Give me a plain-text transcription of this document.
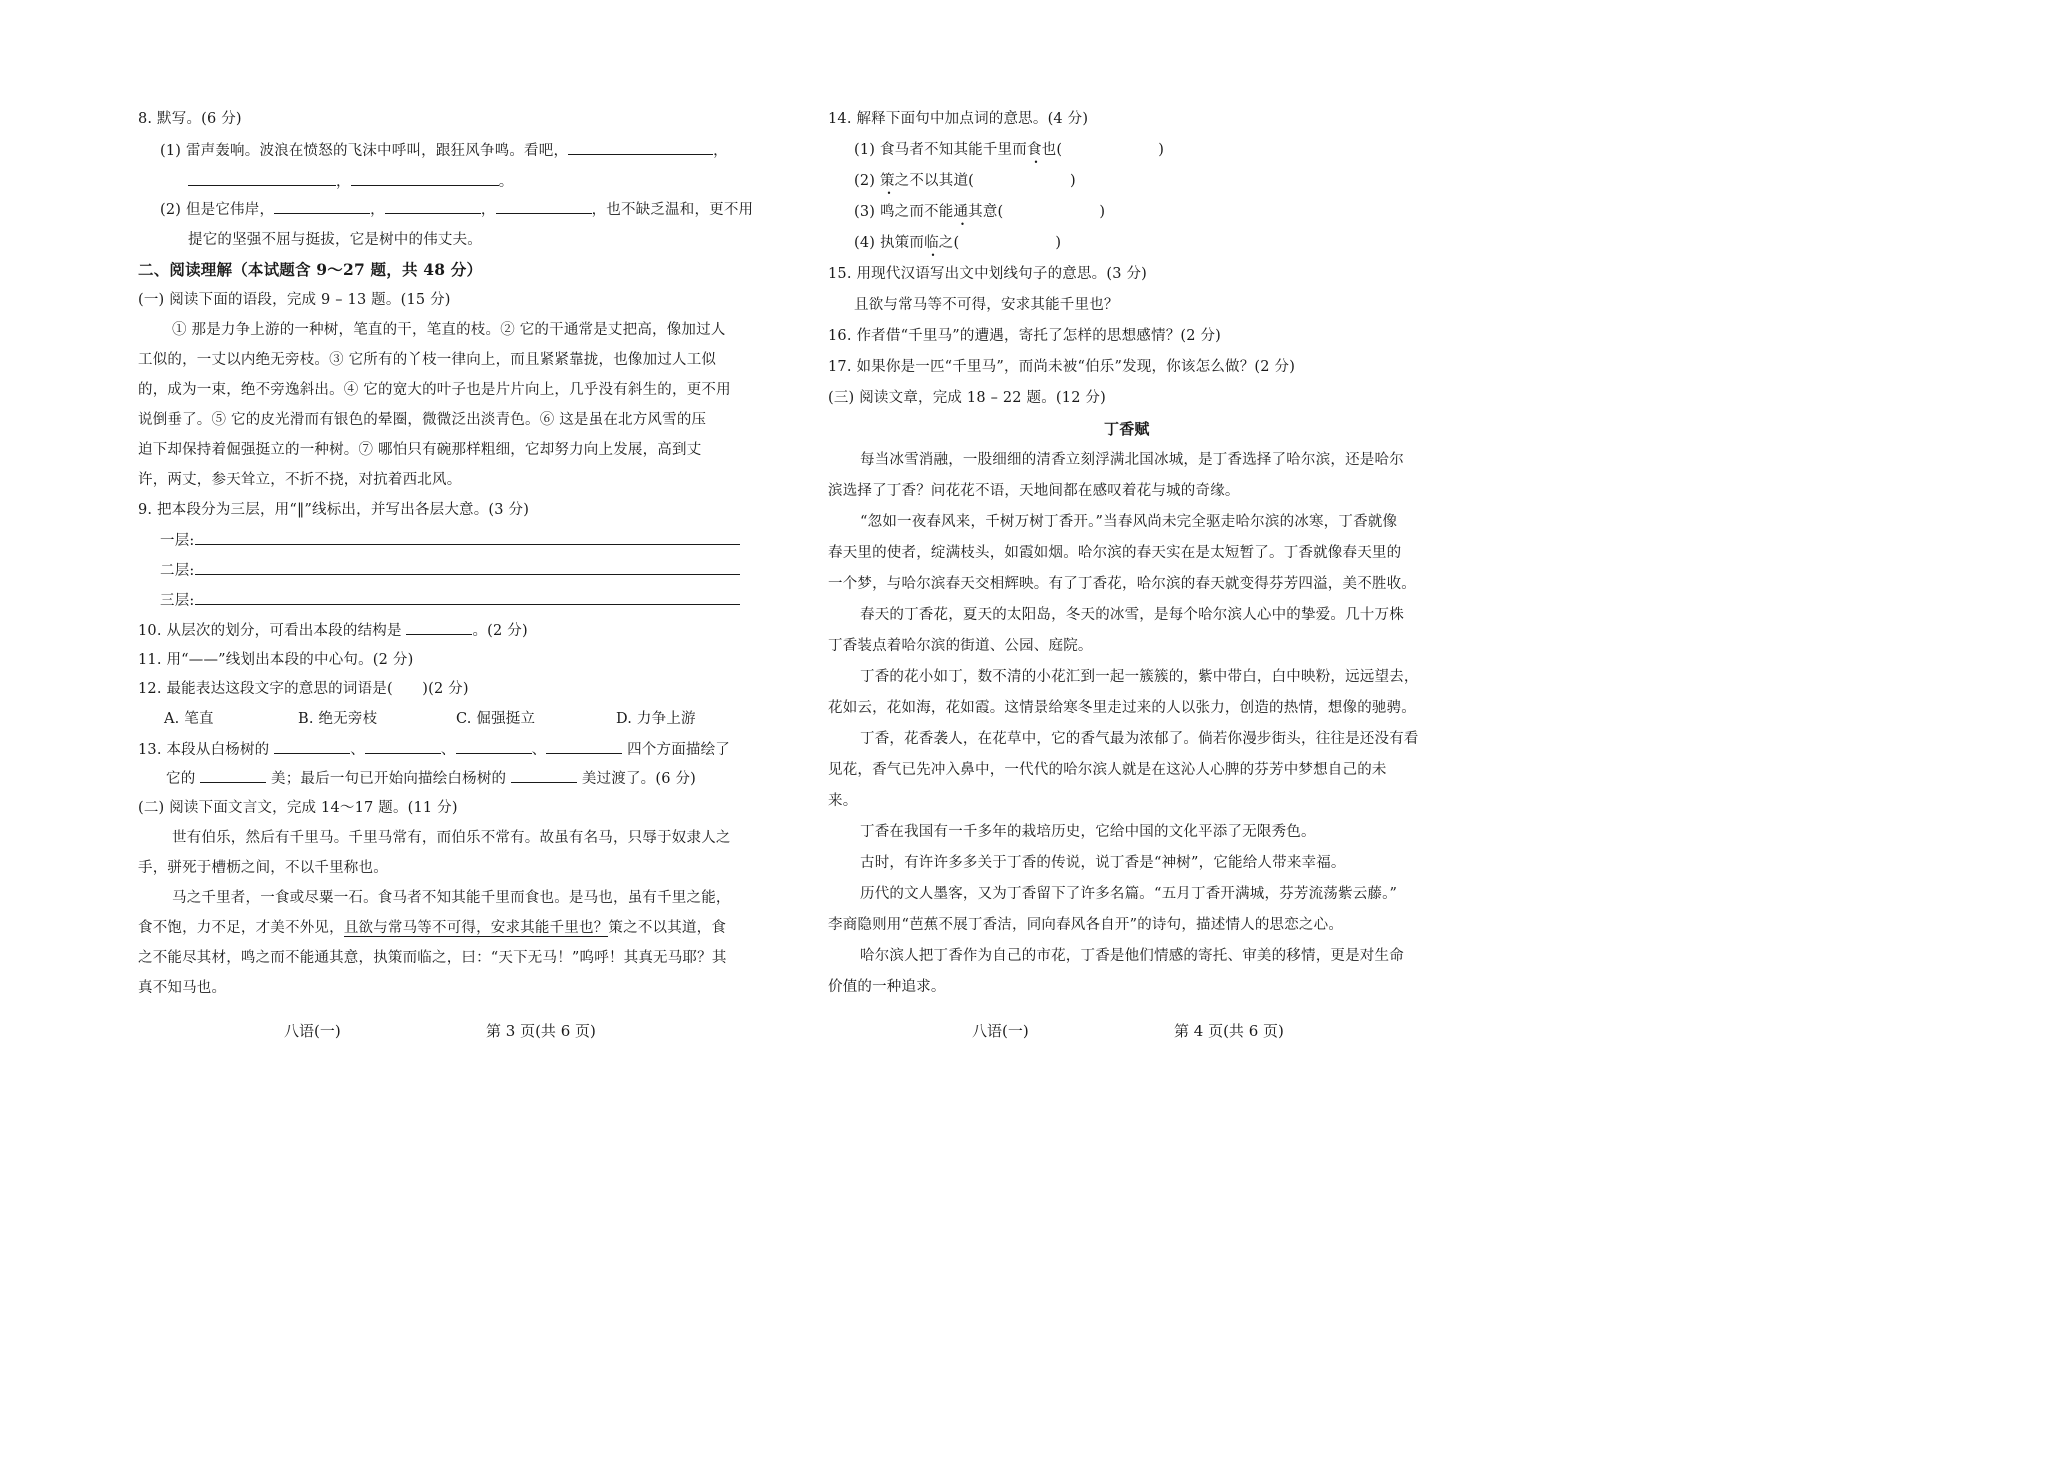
8. 默写。(6 分)
(1) 雷声轰响。波浪在愤怒的飞沫中呼叫，跟狂风争鸣。看吧，	，
，	。
(2) 但是它伟岸，	，	，	，也不缺乏温和，更不用
提它的坚强不屈与挺拔，它是树中的伟丈夫。
二、阅读理解（本试题含 9～27 题，共 48 分）
(一) 阅读下面的语段，完成 9 – 13 题。(15 分)
① 那是力争上游的一种树，笔直的干，笔直的枝。② 它的干通常是丈把高，像加过人
工似的，一丈以内绝无旁枝。③ 它所有的丫枝一律向上，而且紧紧靠拢，也像加过人工似
的，成为一束，绝不旁逸斜出。④ 它的宽大的叶子也是片片向上，几乎没有斜生的，更不用
说倒垂了。⑤ 它的皮光滑而有银色的晕圈，微微泛出淡青色。⑥ 这是虽在北方风雪的压
迫下却保持着倔强挺立的一种树。⑦ 哪怕只有碗那样粗细，它却努力向上发展，高到丈
许，两丈，参天耸立，不折不挠，对抗着西北风。
9. 把本段分为三层，用“‖”线标出，并写出各层大意。(3 分)
一层:
二层:
三层:
10. 从层次的划分，可看出本段的结构是	。(2 分)
11. 用“——”线划出本段的中心句。(2 分)
12. 最能表达这段文字的意思的词语是(　　)(2 分)
A. 笔直	B. 绝无旁枝	C. 倔强挺立	D. 力争上游
13. 本段从白杨树的	、	、	、	四个方面描绘了
它的	美；最后一句已开始向描绘白杨树的	美过渡了。(6 分)
(二) 阅读下面文言文，完成 14～17 题。(11 分)
世有伯乐，然后有千里马。千里马常有，而伯乐不常有。故虽有名马，只辱于奴隶人之
手，骈死于槽枥之间，不以千里称也。
马之千里者，一食或尽粟一石。食马者不知其能千里而食也。是马也，虽有千里之能，
食不饱，力不足，才美不外见，且欲与常马等不可得，安求其能千里也？策之不以其道，食
之不能尽其材，鸣之而不能通其意，执策而临之，曰：“天下无马！”呜呼！其真无马耶？其
真不知马也。
八语(一)	第 3 页(共 6 页)
14. 解释下面句中加点词的意思。(4 分)
(1) 食马者不知其能千里而食也(	)
(2) 策之不以其道(	)
(3) 鸣之而不能通其意(	)
(4) 执策而临之(	)
15. 用现代汉语写出文中划线句子的意思。(3 分)
且欲与常马等不可得，安求其能千里也？
16. 作者借“千里马”的遭遇，寄托了怎样的思想感情？(2 分)
17. 如果你是一匹“千里马”，而尚未被“伯乐”发现，你该怎么做？(2 分)
(三) 阅读文章，完成 18 – 22 题。(12 分)
丁香赋
每当冰雪消融，一股细细的清香立刻浮满北国冰城，是丁香选择了哈尔滨，还是哈尔
滨选择了丁香？问花花不语，天地间都在感叹着花与城的奇缘。
“忽如一夜春风来，千树万树丁香开。”当春风尚未完全驱走哈尔滨的冰寒，丁香就像
春天里的使者，绽满枝头，如霞如烟。哈尔滨的春天实在是太短暂了。丁香就像春天里的
一个梦，与哈尔滨春天交相辉映。有了丁香花，哈尔滨的春天就变得芬芳四溢，美不胜收。
春天的丁香花，夏天的太阳岛，冬天的冰雪，是每个哈尔滨人心中的挚爱。几十万株
丁香装点着哈尔滨的街道、公园、庭院。
丁香的花小如丁，数不清的小花汇到一起一簇簇的，紫中带白，白中映粉，远远望去，
花如云，花如海，花如霞。这情景给寒冬里走过来的人以张力，创造的热情，想像的驰骋。
丁香，花香袭人，在花草中，它的香气最为浓郁了。倘若你漫步街头，往往是还没有看
见花，香气已先冲入鼻中，一代代的哈尔滨人就是在这沁人心脾的芬芳中梦想自己的未
来。
丁香在我国有一千多年的栽培历史，它给中国的文化平添了无限秀色。
古时，有许许多多关于丁香的传说，说丁香是“神树”，它能给人带来幸福。
历代的文人墨客，又为丁香留下了许多名篇。“五月丁香开满城，芬芳流荡紫云藤。”
李商隐则用“芭蕉不展丁香洁，同向春风各自开”的诗句，描述情人的思恋之心。
哈尔滨人把丁香作为自己的市花，丁香是他们情感的寄托、审美的移情，更是对生命
价值的一种追求。
八语(一)	第 4 页(共 6 页)
